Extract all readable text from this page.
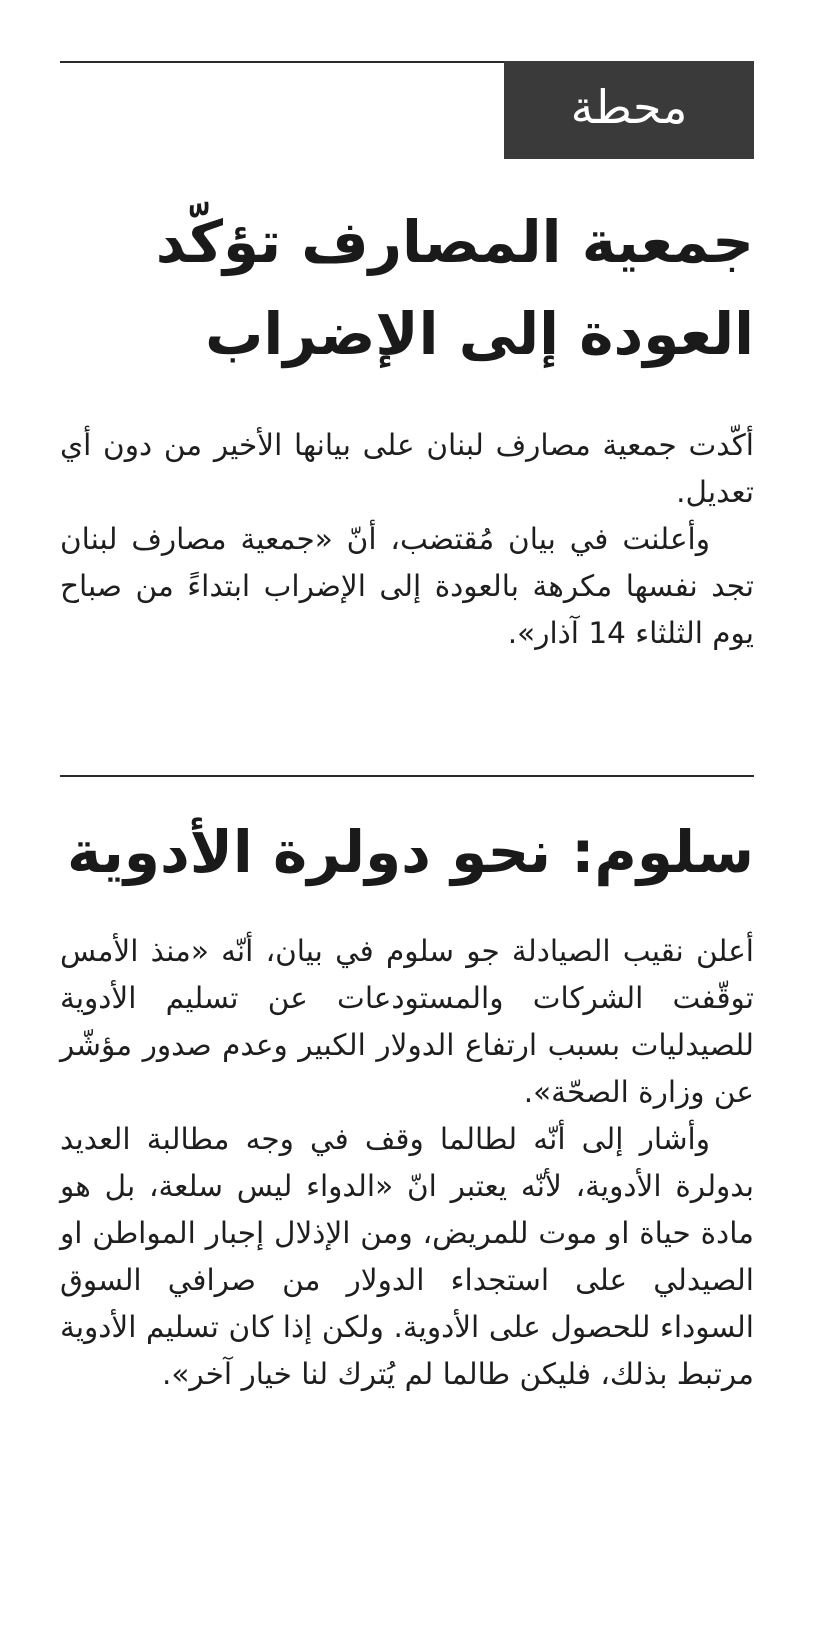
محطة
جمعية المصارف تؤكّد العودة إلى الإضراب

أكّدت جمعية مصارف لبنان على بيانها الأخير من دون أي تعديل.

وأعلنت في بيان مُقتضب، أنّ «جمعية مصارف لبنان تجد نفسها مكرهة بالعودة إلى الإضراب ابتداءً من صباح يوم الثلثاء 14 آذار».

سلوم: نحو دولرة الأدوية

أعلن نقيب الصيادلة جو سلوم في بيان، أنّه «منذ الأمس توقّفت الشركات والمستودعات عن تسليم الأدوية للصيدليات بسبب ارتفاع الدولار الكبير وعدم صدور مؤشّر عن وزارة الصحّة».

وأشار إلى أنّه لطالما وقف في وجه مطالبة العديد بدولرة الأدوية، لأنّه يعتبر انّ «الدواء ليس سلعة، بل هو مادة حياة او موت للمريض، ومن الإذلال إجبار المواطن او الصيدلي على استجداء الدولار من صرافي السوق السوداء للحصول على الأدوية. ولكن إذا كان تسليم الأدوية مرتبط بذلك، فليكن طالما لم يُترك لنا خيار آخر».
